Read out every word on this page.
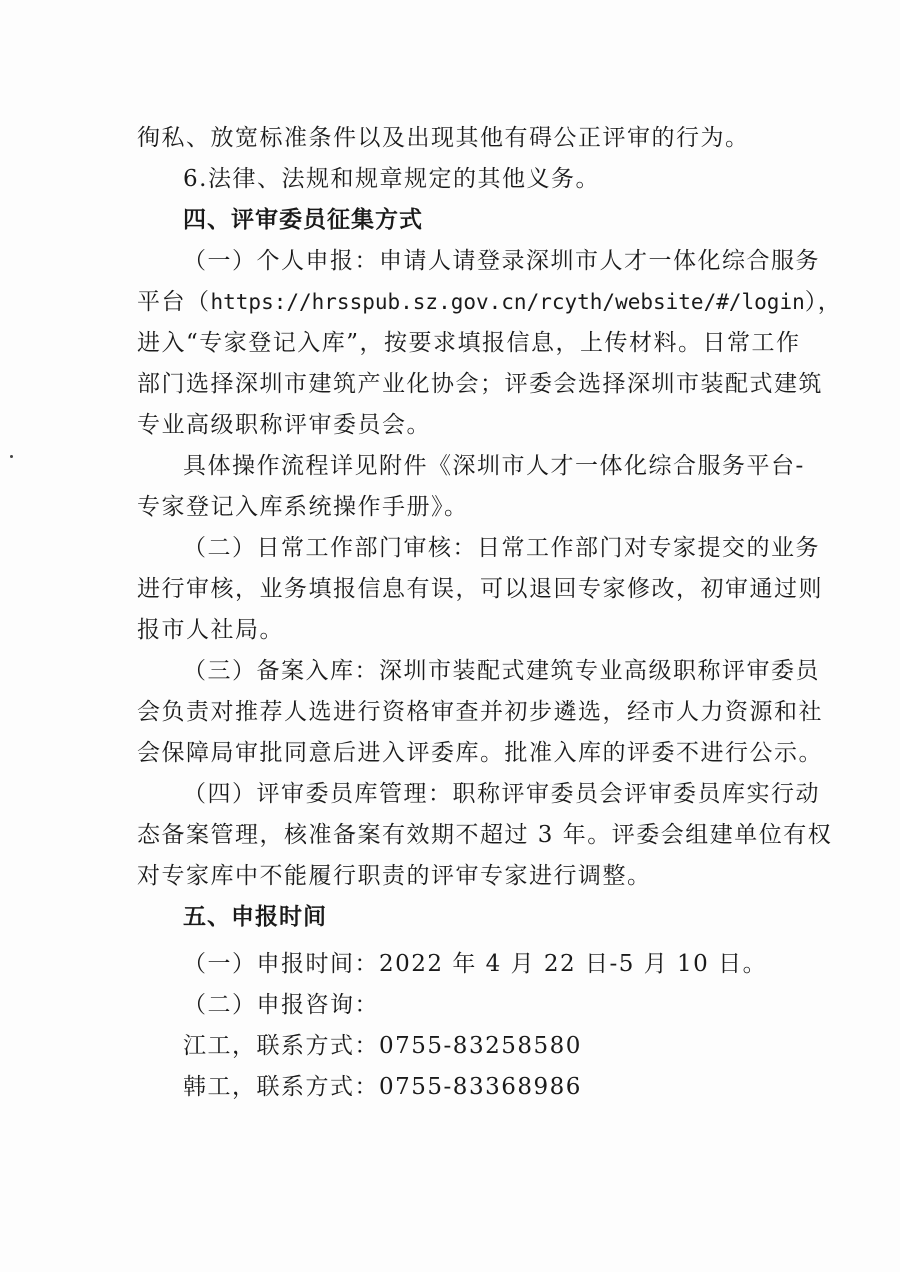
徇私、放宽标准条件以及出现其他有碍公正评审的行为。
6.法律、法规和规章规定的其他义务。
四、评审委员征集方式
（一）个人申报：申请人请登录深圳市人才一体化综合服务
平台（https://hrsspub.sz.gov.cn/rcyth/website/#/login），
进入“专家登记入库”，按要求填报信息，上传材料。日常工作
部门选择深圳市建筑产业化协会；评委会选择深圳市装配式建筑
专业高级职称评审委员会。
具体操作流程详见附件《深圳市人才一体化综合服务平台-
专家登记入库系统操作手册》。
（二）日常工作部门审核：日常工作部门对专家提交的业务
进行审核，业务填报信息有误，可以退回专家修改，初审通过则
报市人社局。
（三）备案入库：深圳市装配式建筑专业高级职称评审委员
会负责对推荐人选进行资格审查并初步遴选，经市人力资源和社
会保障局审批同意后进入评委库。批准入库的评委不进行公示。
（四）评审委员库管理：职称评审委员会评审委员库实行动
态备案管理，核准备案有效期不超过 3 年。评委会组建单位有权
对专家库中不能履行职责的评审专家进行调整。
五、申报时间
（一）申报时间：2022 年 4 月 22 日-5 月 10 日。
（二）申报咨询：
江工，联系方式：0755-83258580
韩工，联系方式：0755-83368986
